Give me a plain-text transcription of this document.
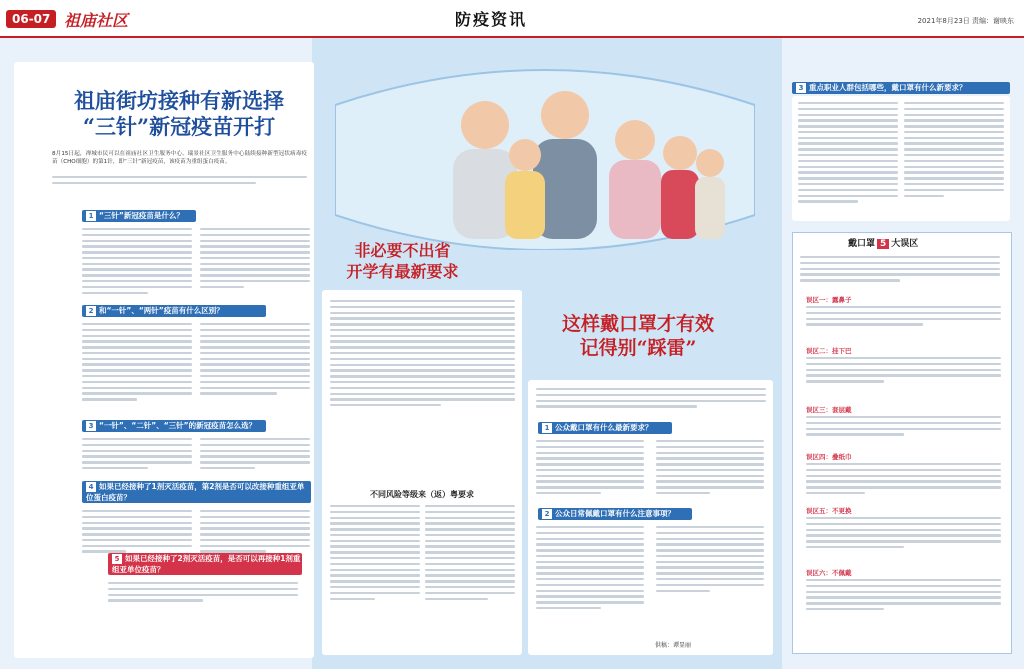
06-07 祖庙社区	防疫资讯	2021年8月23日 责编：谢映东
祖庙街坊接种有新选择
“三针”新冠疫苗开打
8月15日起，禅城市民可以在祖庙社区卫生服务中心、瑞景社区卫生服务中心陆续接种新型冠状病毒疫苗（CHO细胞）的第1针，即“三针”新冠疫苗，该疫苗为重组蛋白疫苗。
1 “三针”新冠疫苗是什么？
2 和“一针”、“两针”疫苗有什么区别？
3 “一针”、“二针”、“三针”的新冠疫苗怎么选？
4 如果已经接种了1剂灭活疫苗，第2剂是否可以改接种重组亚单位蛋白疫苗？
5 如果已经接种了2剂灭活疫苗，是否可以再接种1剂重组亚单位疫苗？
非必要不出省
开学有最新要求
这样戴口罩才有效
记得别“踩雷”
不同风险等级来（返）粤要求
1 公众戴口罩有什么最新要求？
2 公众日常佩戴口罩有什么注意事项？
3 重点职业人群包括哪些，戴口罩有什么新要求？
戴口罩 5 大误区
误区一：露鼻子
误区二：挂下巴
误区三：套层戴
误区四：叠纸巾
误区五：不更换
误区六：不佩戴
供稿：谭显丽
